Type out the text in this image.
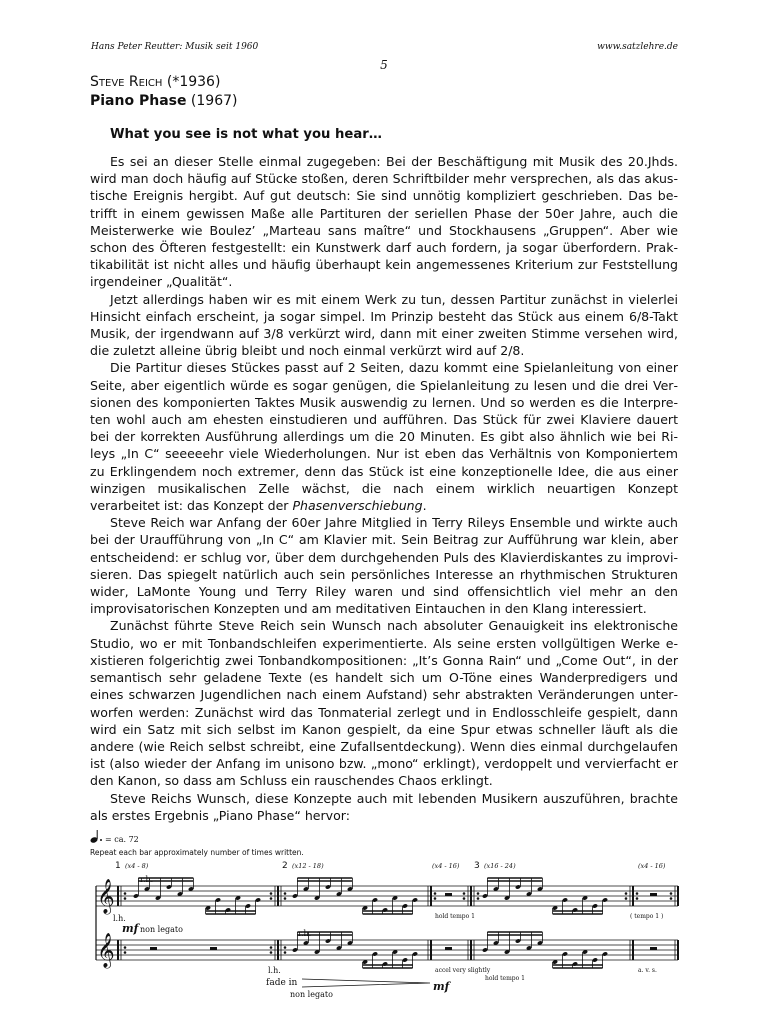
Hans Peter Reutter: Musik seit 1960	www.satzlehre.de
5
Steve Reich (*1936)
Piano Phase (1967)
What you see is not what you hear…

Es sei an dieser Stelle einmal zugegeben: Bei der Beschäftigung mit Musik des 20.Jhds. wird man doch häufig auf Stücke stoßen, deren Schriftbilder mehr versprechen, als das akustische Ereignis hergibt. Auf gut deutsch: Sie sind unnötig kompliziert geschrieben. Das betrifft in einem gewissen Maße alle Partituren der seriellen Phase der 50er Jahre, auch die Meisterwerke wie Boulez’ „Marteau sans maître“ und Stockhausens „Gruppen“. Aber wie schon des Öfteren festgestellt: ein Kunstwerk darf auch fordern, ja sogar überfordern. Praktikabilität ist nicht alles und häufig überhaupt kein angemessenes Kriterium zur Feststellung irgendeiner „Qualität“.

Jetzt allerdings haben wir es mit einem Werk zu tun, dessen Partitur zunächst in vielerlei Hinsicht einfach erscheint, ja sogar simpel. Im Prinzip besteht das Stück aus einem 6/8-Takt Musik, der irgendwann auf 3/8 verkürzt wird, dann mit einer zweiten Stimme versehen wird, die zuletzt alleine übrig bleibt und noch einmal verkürzt wird auf 2/8.

Die Partitur dieses Stückes passt auf 2 Seiten, dazu kommt eine Spielanleitung von einer Seite, aber eigentlich würde es sogar genügen, die Spielanleitung zu lesen und die drei Versionen des komponierten Taktes Musik auswendig zu lernen. Und so werden es die Interpreten wohl auch am ehesten einstudieren und aufführen. Das Stück für zwei Klaviere dauert bei der korrekten Ausführung allerdings um die 20 Minuten. Es gibt also ähnlich wie bei Rileys „In C“ seeeeehr viele Wiederholungen. Nur ist eben das Verhältnis von Komponiertem zu Erklingendem noch extremer, denn das Stück ist eine konzeptionelle Idee, die aus einer winzigen musikalischen Zelle wächst, die nach einem wirklich neuartigen Konzept verarbeitet ist: das Konzept der Phasenverschiebung.

Steve Reich war Anfang der 60er Jahre Mitglied in Terry Rileys Ensemble und wirkte auch bei der Uraufführung von „In C“ am Klavier mit. Sein Beitrag zur Aufführung war klein, aber entscheidend: er schlug vor, über dem durchgehenden Puls des Klavierdiskantes zu improvisieren. Das spiegelt natürlich auch sein persönliches Interesse an rhythmischen Strukturen wider, LaMonte Young und Terry Riley waren und sind offensichtlich viel mehr an den improvisatorischen Konzepten und am meditativen Eintauchen in den Klang interessiert.

Zunächst führte Steve Reich sein Wunsch nach absoluter Genauigkeit ins elektronische Studio, wo er mit Tonbandschleifen experimentierte. Als seine ersten vollgültigen Werke existieren folgerichtig zwei Tonbandkompositionen: „It’s Gonna Rain“ und „Come Out“, in der semantisch sehr geladene Texte (es handelt sich um O-Töne eines Wanderpredigers und eines schwarzen Jugendlichen nach einem Aufstand) sehr abstrakten Veränderungen unterworfen werden: Zunächst wird das Tonmaterial zerlegt und in Endlosschleife gespielt, dann wird ein Satz mit sich selbst im Kanon gespielt, da eine Spur etwas schneller läuft als die andere (wie Reich selbst schreibt, eine Zufallsentdeckung). Wenn dies einmal durchgelaufen ist (also wieder der Anfang im unisono bzw. „mono“ erklingt), verdoppelt und vervierfacht er den Kanon, so dass am Schluss ein rauschendes Chaos erklingt.

Steve Reichs Wunsch, diese Konzepte auch mit lebenden Musikern auszuführen, brachte als erstes Ergebnis „Piano Phase“ hervor:

= ca. 72
Repeat each bar approximately number of times written.
1 (x4 - 8)	2 (x12 - 18)	(x4 - 16) 3 (x16 - 24)	(x4 - 16)
𝄞
𝄞
r.h.
l.h.
r.h.
l.h.
mf non legato
fade in
non legato
mf
hold tempo 1	( tempo 1 )
accel very slightly
hold tempo 1
a. v. s.
